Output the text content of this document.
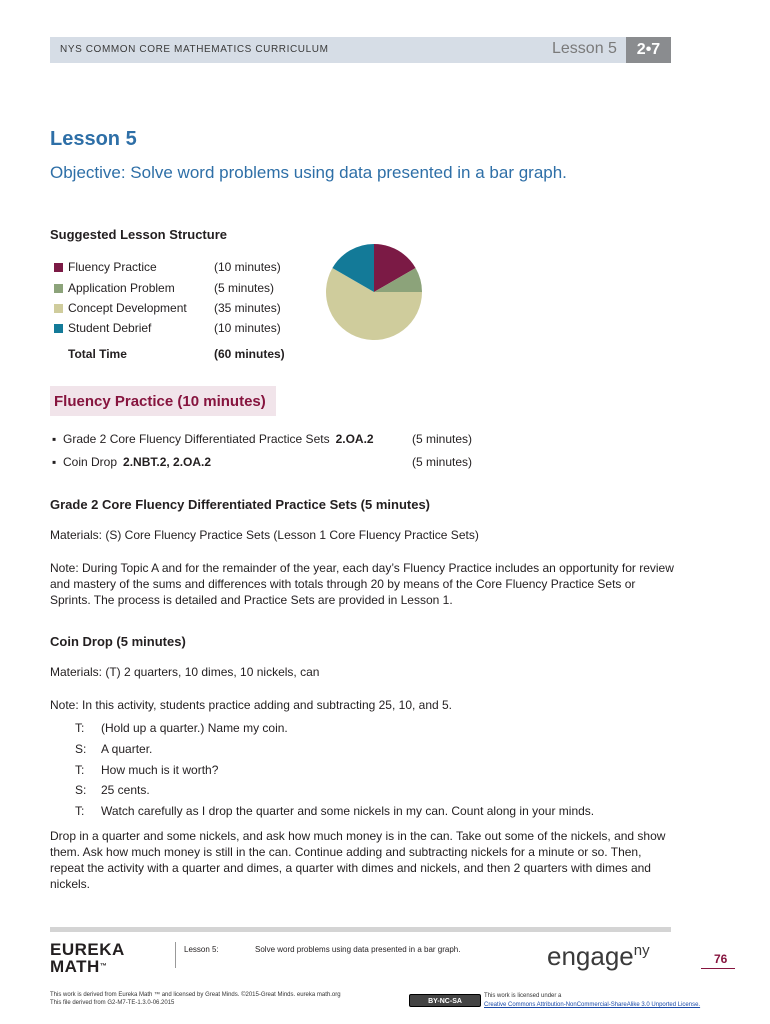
NYS COMMON CORE MATHEMATICS CURRICULUM	Lesson 5	2•7
Lesson 5
Objective: Solve word problems using data presented in a bar graph.
Suggested Lesson Structure
Fluency Practice	(10 minutes)
Application Problem	(5 minutes)
Concept Development (35 minutes)
Student Debrief	(10 minutes)
Total Time	(60 minutes)
Fluency Practice (10 minutes)
▪ Grade 2 Core Fluency Differentiated Practice Sets 2.OA.2	(5 minutes)
▪ Coin Drop 2.NBT.2, 2.OA.2	(5 minutes)
Grade 2 Core Fluency Differentiated Practice Sets (5 minutes)
Materials: (S) Core Fluency Practice Sets (Lesson 1 Core Fluency Practice Sets)
Note: During Topic A and for the remainder of the year, each day’s Fluency Practice includes an opportunity for review and mastery of the sums and differences with totals through 20 by means of the Core Fluency Practice Sets or Sprints. The process is detailed and Practice Sets are provided in Lesson 1.
Coin Drop (5 minutes)
Materials: (T) 2 quarters, 10 dimes, 10 nickels, can
Note: In this activity, students practice adding and subtracting 25, 10, and 5.
T: (Hold up a quarter.) Name my coin.
S: A quarter.
T: How much is it worth?
S: 25 cents.
T: Watch carefully as I drop the quarter and some nickels in my can. Count along in your minds.
Drop in a quarter and some nickels, and ask how much money is in the can. Take out some of the nickels, and show them. Ask how much money is still in the can. Continue adding and subtracting nickels for a minute or so. Then, repeat the activity with a quarter and dimes, a quarter with dimes and nickels, and then 2 quarters with dimes and nickels.
EUREKA
MATH™
Lesson 5:	Solve word problems using data presented in a bar graph.	engage$^{ny}$	76
This work is derived from Eureka Math ™ and licensed by Great Minds. ©2015-Great Minds. eureka math.org
This file derived from G2-M7-TE-1.3.0-06.2015	BY-NC-SA
This work is licensed under a
Creative Commons Attribution-NonCommercial-ShareAlike 3.0 Unported License.
